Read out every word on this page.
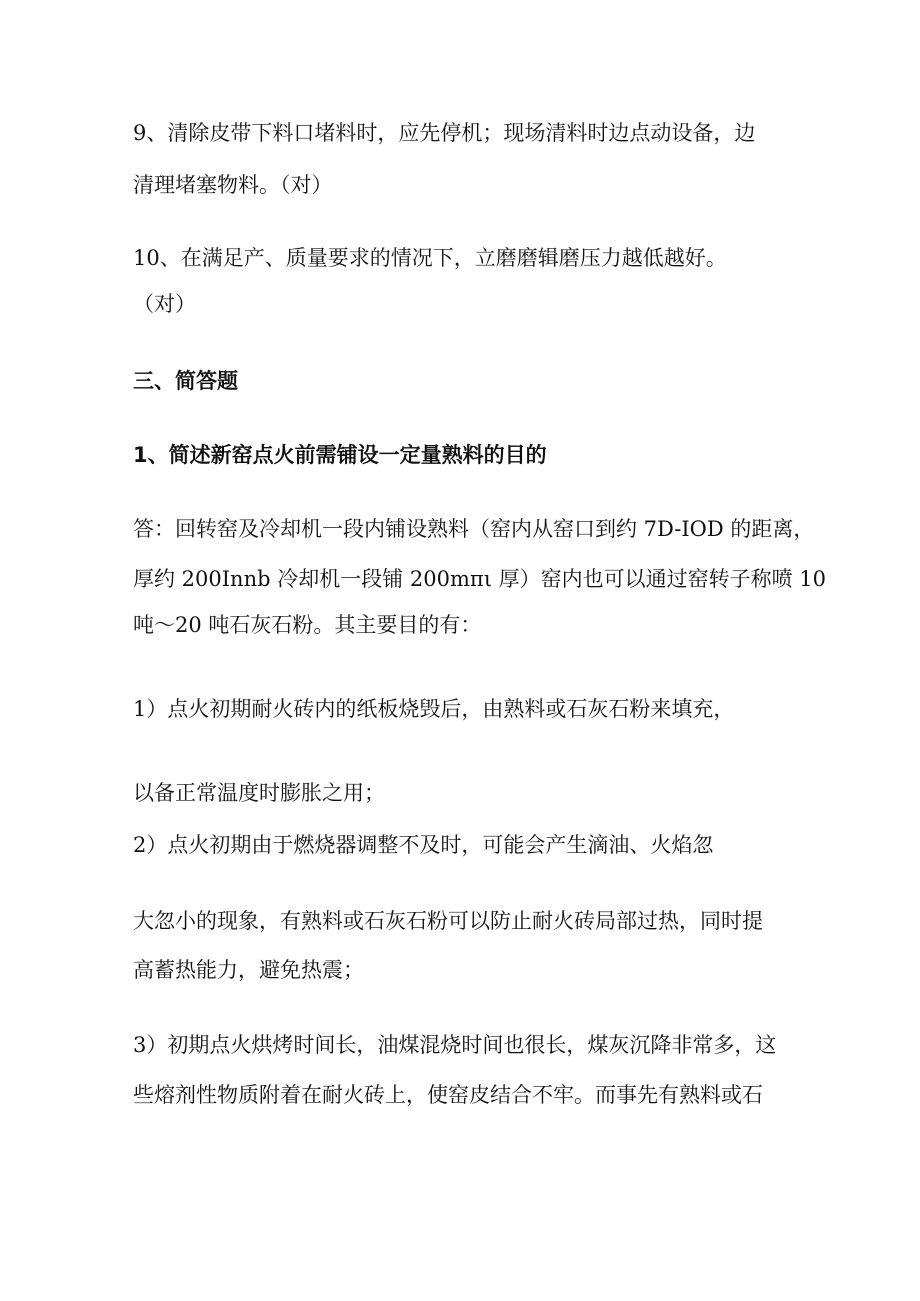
9、清除皮带下料口堵料时，应先停机；现场清料时边点动设备，边

清理堵塞物料。（对）

10、在满足产、质量要求的情况下，立磨磨辑磨压力越低越好。

（对）

三、简答题

1、简述新窑点火前需铺设一定量熟料的目的

答：回转窑及冷却机一段内铺设熟料（窑内从窑口到约 7D-IOD 的距离，

厚约 200Innb 冷却机一段铺 200mπι 厚）窑内也可以通过窑转子称喷 10

吨～20 吨石灰石粉。其主要目的有：

1）点火初期耐火砖内的纸板烧毁后，由熟料或石灰石粉来填充，

以备正常温度时膨胀之用；

2）点火初期由于燃烧器调整不及时，可能会产生滴油、火焰忽

大忽小的现象，有熟料或石灰石粉可以防止耐火砖局部过热，同时提

高蓄热能力，避免热震；

3）初期点火烘烤时间长，油煤混烧时间也很长，煤灰沉降非常多，这

些熔剂性物质附着在耐火砖上，使窑皮结合不牢。而事先有熟料或石
